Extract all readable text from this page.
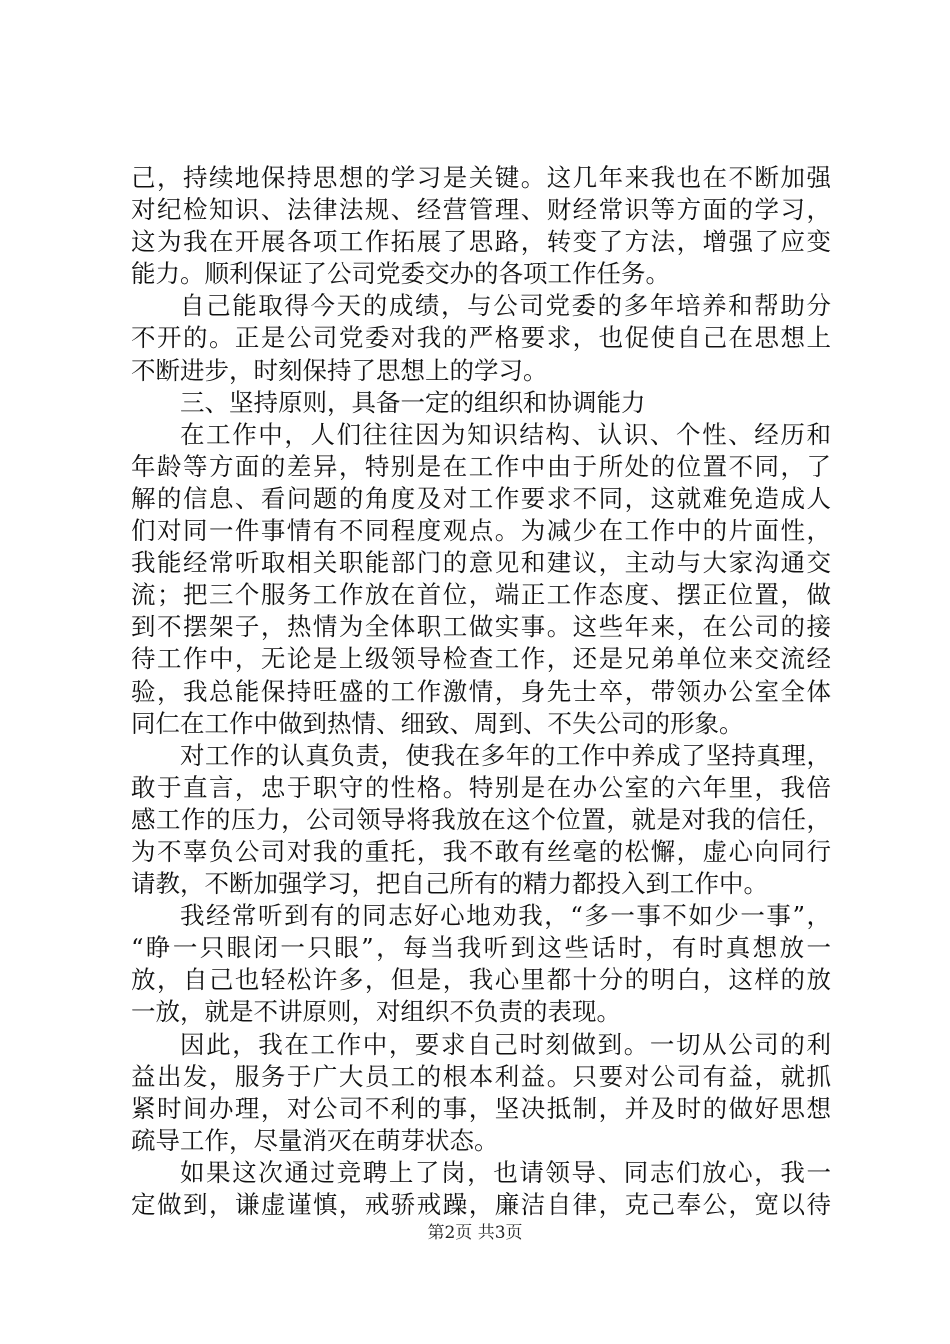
己，持续地保持思想的学习是关键。这几年来我也在不断加强
对纪检知识、法律法规、经营管理、财经常识等方面的学习，
这为我在开展各项工作拓展了思路，转变了方法，增强了应变
能力。顺利保证了公司党委交办的各项工作任务。
自己能取得今天的成绩，与公司党委的多年培养和帮助分
不开的。正是公司党委对我的严格要求，也促使自己在思想上
不断进步，时刻保持了思想上的学习。
三、坚持原则，具备一定的组织和协调能力
在工作中，人们往往因为知识结构、认识、个性、经历和
年龄等方面的差异，特别是在工作中由于所处的位置不同，了
解的信息、看问题的角度及对工作要求不同，这就难免造成人
们对同一件事情有不同程度观点。为减少在工作中的片面性，
我能经常听取相关职能部门的意见和建议，主动与大家沟通交
流；把三个服务工作放在首位，端正工作态度、摆正位置，做
到不摆架子，热情为全体职工做实事。这些年来，在公司的接
待工作中，无论是上级领导检查工作，还是兄弟单位来交流经
验，我总能保持旺盛的工作激情，身先士卒，带领办公室全体
同仁在工作中做到热情、细致、周到、不失公司的形象。
对工作的认真负责，使我在多年的工作中养成了坚持真理，
敢于直言，忠于职守的性格。特别是在办公室的六年里，我倍
感工作的压力，公司领导将我放在这个位置，就是对我的信任，
为不辜负公司对我的重托，我不敢有丝毫的松懈，虚心向同行
请教，不断加强学习，把自己所有的精力都投入到工作中。
我经常听到有的同志好心地劝我，“多一事不如少一事”，
“睁一只眼闭一只眼”，每当我听到这些话时，有时真想放一
放，自己也轻松许多，但是，我心里都十分的明白，这样的放
一放，就是不讲原则，对组织不负责的表现。
因此，我在工作中，要求自己时刻做到。一切从公司的利
益出发，服务于广大员工的根本利益。只要对公司有益，就抓
紧时间办理，对公司不利的事，坚决抵制，并及时的做好思想
疏导工作，尽量消灭在萌芽状态。
如果这次通过竞聘上了岗，也请领导、同志们放心，我一
定做到，谦虚谨慎，戒骄戒躁，廉洁自律，克己奉公，宽以待
第2页 共3页
